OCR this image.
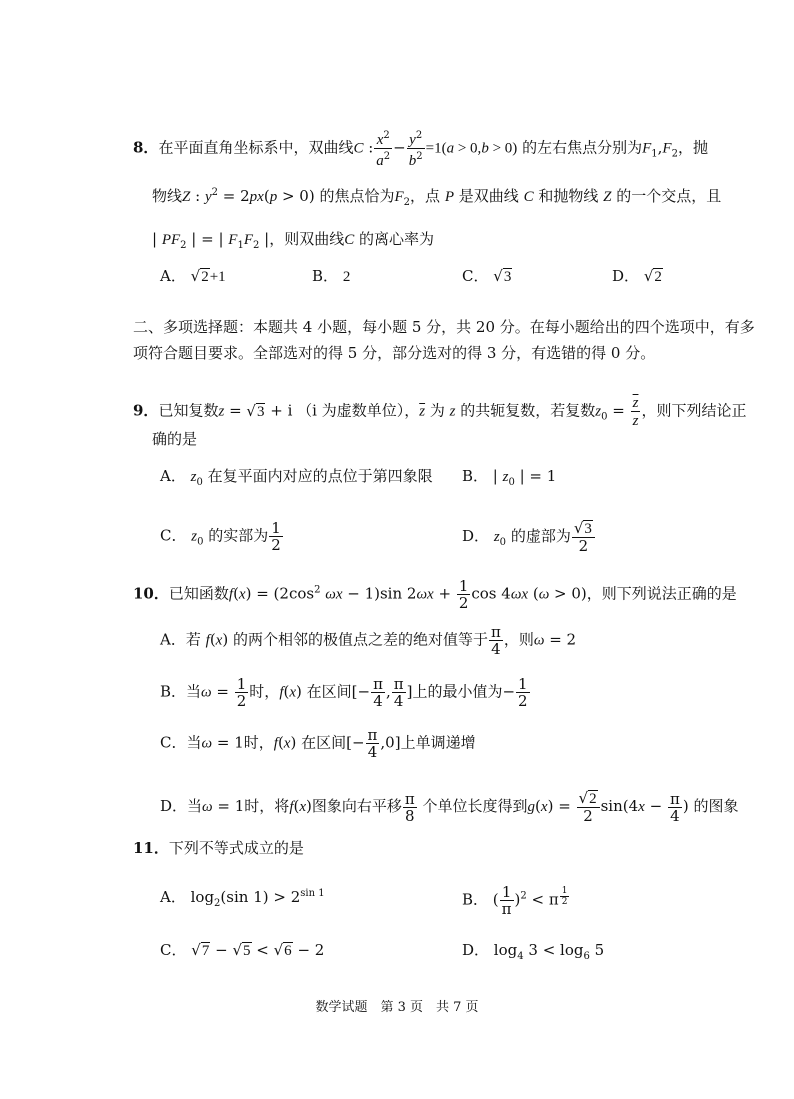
8．在平面直角坐标系中，双曲线C : $\frac{x^2}{a^2} - \frac{y^2}{b^2} =1(a > 0,b > 0)$ 的左右焦点分别为$F_1,F_2$，抛
物线Z : $y^2 = 2px(p > 0)$ 的焦点恰为$F_2$，点 P 是双曲线 C 和抛物线 Z 的一个交点，且
| $PF_2$ | = | $F_1F_2$ |，则双曲线C 的离心率为
A． √2+1	B． 2	C． √3	D． √2
二、多项选择题：本题共 4 小题，每小题 5 分，共 20 分。在每小题给出的四个选项中，有多
项符合题目要求。全部选对的得 5 分，部分选对的得 3 分，有选错的得 0 分。
9．已知复数z = √3 + i （i 为虚数单位），$\overline{z}$ 为 z 的共轭复数，若复数$z_0 = \frac{\overline{z}}{z}$ ，则下列结论正
确的是
A． $z_0$ 在复平面内对应的点位于第四象限 B． | $z_0$ | = 1
C． $z_0$ 的实部为 $\frac{1}{2}$	D． $z_0$ 的虚部为 $\frac{√3}{2}$
10．已知函数$f(x) = (2\cos^2$ ωx − 1)sin $2\omega x + \frac{1}{2}$ cos 4ωx (ω > 0)，则下列说法正确的是
A．若 f(x) 的两个相邻的极值点之差的绝对值等于 $\frac{\pi}{4}$ ，则ω = 2
B．当$\omega = \frac{1}{2}$ 时，f(x) 在区间[− $\frac{\pi}{4}$ , $\frac{\pi}{4}$ ]上的最小值为− $\frac{1}{2}$
C．当ω = 1时，f(x) 在区间[− $\frac{\pi}{4} ,0$]上单调递增
D．当ω = 1时，将f(x)图象向右平移 $\frac{\pi}{8}$ 个单位长度得到$g(x) = \frac{√2}{2} \sin(4x - \frac{\pi}{4}$ ) 的图象
11．下列不等式成立的是
A． $\log_2(\sin$ $1) > 2^{sin 1}$	B． ( $\frac{1}{\pi} )^2 < \pi$ $^{\frac{1}{2}}$
C． √7 − √5 < √6 − 2	D． $\log_4 3 < \log_6 5$
数学试题　第 3 页　共 7 页
